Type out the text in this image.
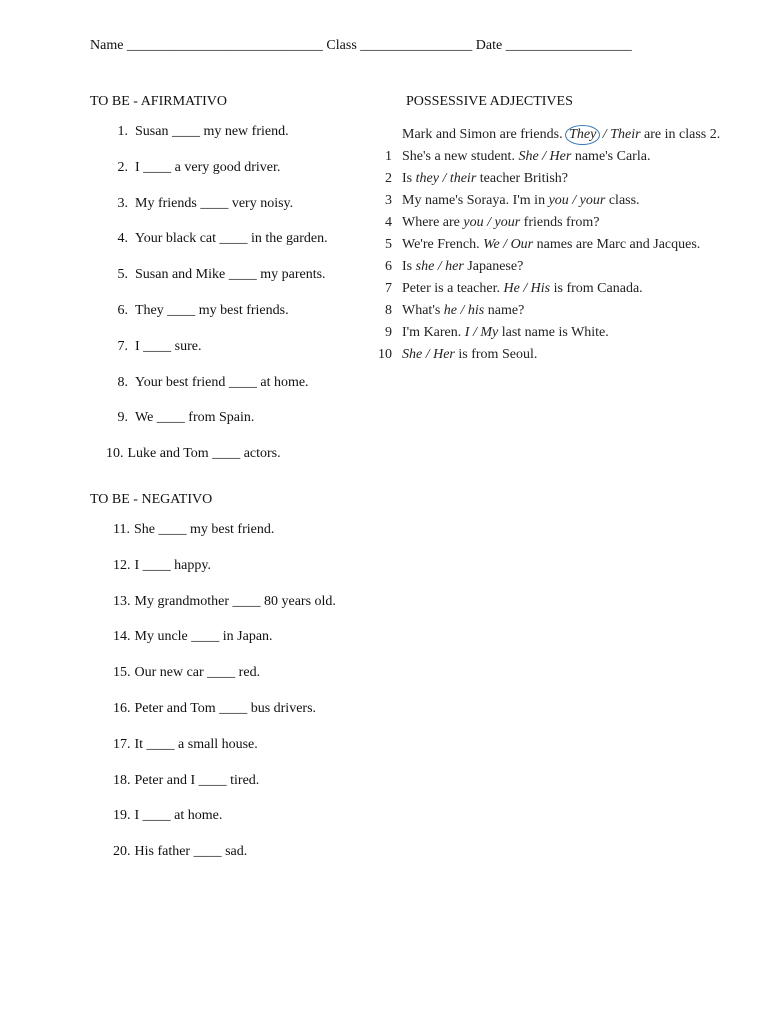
Name ____________________________ Class ________________ Date __________________
TO BE - AFIRMATIVO
1. Susan ____ my new friend.
2. I ____ a very good driver.
3. My friends ____ very noisy.
4. Your black cat ____ in the garden.
5. Susan and Mike ____ my parents.
6. They ____ my best friends.
7. I ____ sure.
8. Your best friend ____ at home.
9. We ____ from Spain.
10. Luke and Tom ____ actors.
TO BE - NEGATIVO
11. She ____ my best friend.
12. I ____ happy.
13. My grandmother ____ 80 years old.
14. My uncle ____ in Japan.
15. Our new car ____ red.
16. Peter and Tom ____ bus drivers.
17. It ____ a small house.
18. Peter and I ____ tired.
19. I ____ at home.
20. His father ____ sad.
POSSESSIVE ADJECTIVES
Mark and Simon are friends. They / Their are in class 2.
1 She's a new student. She / Her name's Carla.
2 Is they / their teacher British?
3 My name's Soraya. I'm in you / your class.
4 Where are you / your friends from?
5 We're French. We / Our names are Marc and Jacques.
6 Is she / her Japanese?
7 Peter is a teacher. He / His is from Canada.
8 What's he / his name?
9 I'm Karen. I / My last name is White.
10 She / Her is from Seoul.
